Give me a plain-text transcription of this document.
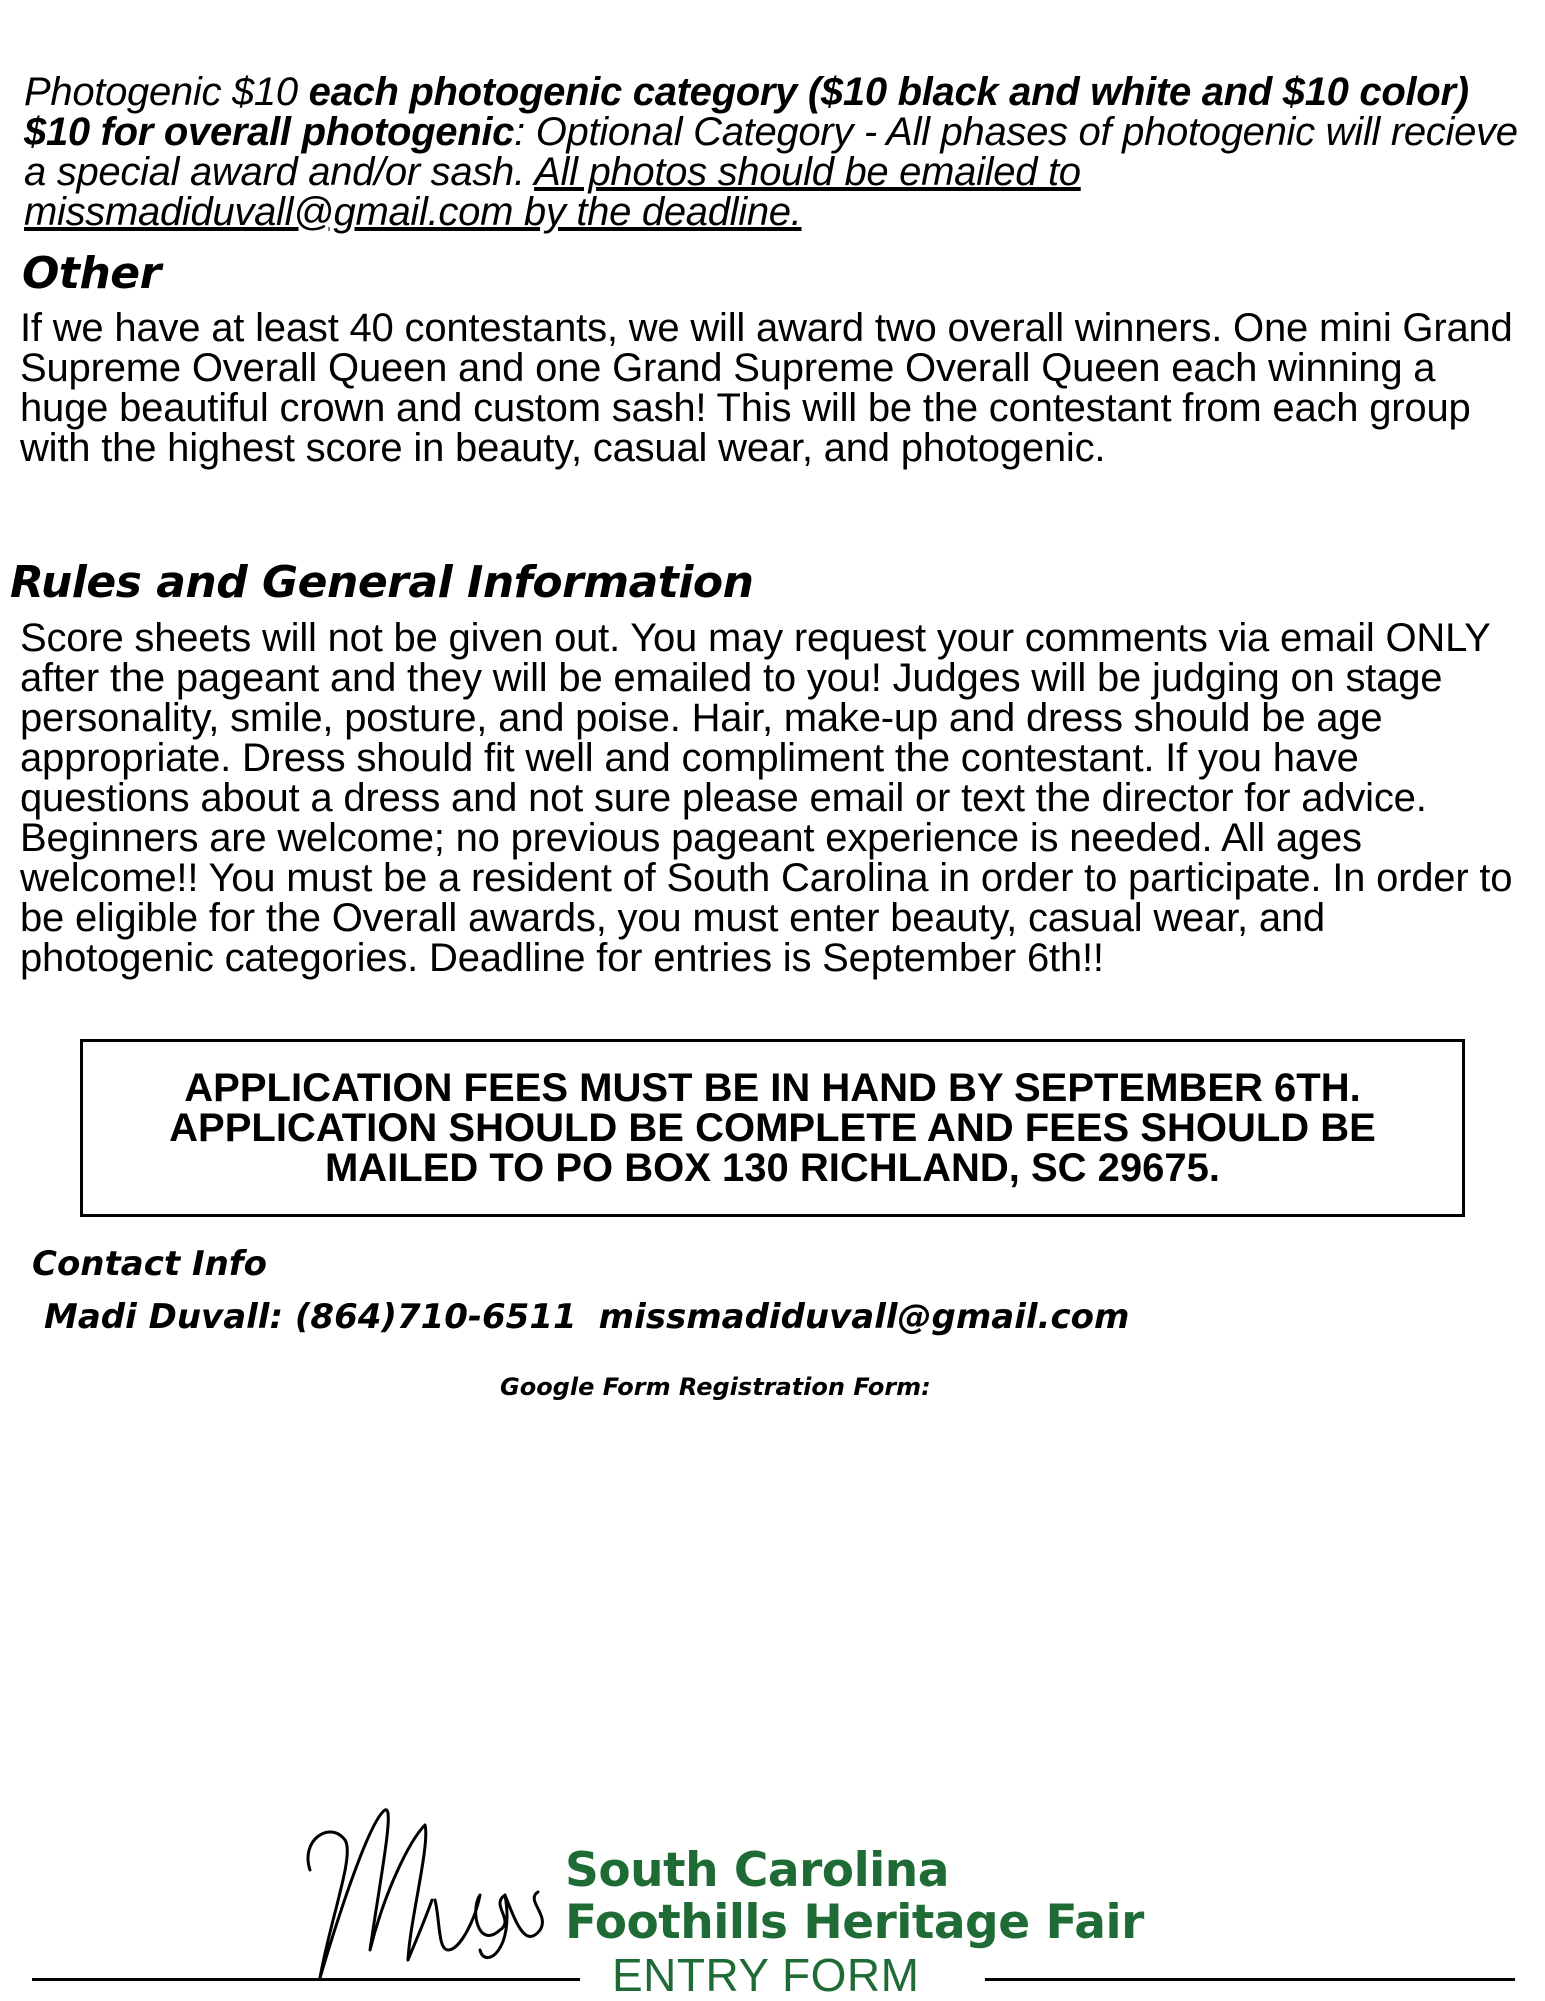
Photogenic $10 each photogenic category ($10 black and white and $10 color) $10 for overall photogenic: Optional Category - All phases of photogenic will recieve a special award and/or sash. All photos should be emailed to missmadiduvall@gmail.com by the deadline.
Other
If we have at least 40 contestants, we will award two overall winners. One mini Grand Supreme Overall Queen and one Grand Supreme Overall Queen each winning a huge beautiful crown and custom sash! This will be the contestant from each group with the highest score in beauty, casual wear, and photogenic.
Rules and General Information
Score sheets will not be given out. You may request your comments via email ONLY after the pageant and they will be emailed to you! Judges will be judging on stage personality, smile, posture, and poise. Hair, make-up and dress should be age appropriate. Dress should fit well and compliment the contestant. If you have questions about a dress and not sure please email or text the director for advice. Beginners are welcome; no previous pageant experience is needed. All ages welcome!! You must be a resident of South Carolina in order to participate. In order to be eligible for the Overall awards, you must enter beauty, casual wear, and photogenic categories. Deadline for entries is September 6th!!
APPLICATION FEES MUST BE IN HAND BY SEPTEMBER 6TH. APPLICATION SHOULD BE COMPLETE AND FEES SHOULD BE MAILED TO PO BOX 130 RICHLAND, SC 29675.
Contact Info
Madi Duvall: (864)710-6511 missmadiduvall@gmail.com
Google Form Registration Form:
Miss
South Carolina
Foothills Heritage Fair
ENTRY FORM
